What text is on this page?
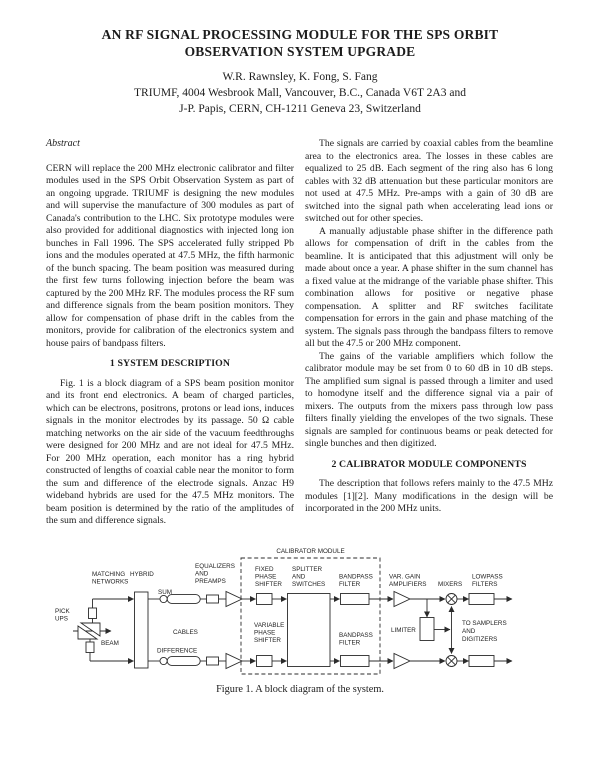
AN RF SIGNAL PROCESSING MODULE FOR THE SPS ORBIT
OBSERVATION SYSTEM UPGRADE
W.R. Rawnsley, K. Fong, S. Fang
TRIUMF, 4004 Wesbrook Mall, Vancouver, B.C., Canada V6T 2A3 and
J-P. Papis, CERN, CH-1211 Geneva 23, Switzerland
Abstract

CERN will replace the 200 MHz electronic calibrator and filter modules used in the SPS Orbit Observation System as part of an ongoing upgrade. TRIUMF is designing the new modules and will supervise the manufacture of 300 modules as part of Canada's contribution to the LHC. Six prototype modules were also provided for additional diagnostics with injected long ion bunches in Fall 1996. The SPS accelerated fully stripped Pb ions and the modules operated at 47.5 MHz, the fifth harmonic of the bunch spacing. The beam position was measured during the first few turns following injection before the beam was captured by the 200 MHz RF. The modules process the RF sum and difference signals from the beam position monitors. They allow for compensation of phase drift in the cables from the monitors, provide for calibration of the electronics system and house pairs of bandpass filters.

1 SYSTEM DESCRIPTION

Fig. 1 is a block diagram of a SPS beam position monitor and its front end electronics. A beam of charged particles, which can be electrons, positrons, protons or lead ions, induces signals in the monitor electrodes by its passage. 50 Ω cable matching networks on the air side of the vacuum feedthroughs were designed for 200 MHz and are not ideal for 47.5 MHz. For 200 MHz operation, each monitor has a ring hybrid constructed of lengths of coaxial cable near the monitor to form the sum and difference of the electrode signals. Anzac H9 wideband hybrids are used for the 47.5 MHz monitors. The beam position is determined by the ratio of the amplitudes of the sum and difference signals.

The signals are carried by coaxial cables from the beamline area to the electronics area. The losses in these cables are equalized to 25 dB. Each segment of the ring also has 6 long cables with 32 dB attenuation but these particular monitors are not used at 47.5 MHz. Pre-amps with a gain of 30 dB are switched into the signal path when accelerating lead ions or switched out for other species.

A manually adjustable phase shifter in the difference path allows for compensation of drift in the cables from the beamline. It is anticipated that this adjustment will only be made about once a year. A phase shifter in the sum channel has a fixed value at the midrange of the variable phase shifter. This combination allows for positive or negative phase compensation. A splitter and RF switches facilitate compensation for errors in the gain and phase matching of the system. The signals pass through the bandpass filters to remove all but the 47.5 or 200 MHz component.

The gains of the variable amplifiers which follow the calibrator module may be set from 0 to 60 dB in 10 dB steps. The amplified sum signal is passed through a limiter and used to homodyne itself and the difference signal via a pair of mixers. The outputs from the mixers pass through low pass filters finally yielding the envelopes of the two signals. These signals are sampled for continuous beams or peak detected for single bunches and then digitized.

2 CALIBRATOR MODULE COMPONENTS

The description that follows refers mainly to the 47.5 MHz modules [1][2]. Many modifications in the design will be incorporated in the 200 MHz units.

MATCHING
NETWORKS
HYBRID
PICK
UPS
BEAM
SUM
CABLES
DIFFERENCE
EQUALIZERS
AND
PREAMPS
CALIBRATOR MODULE
FIXED
PHASE
SHIFTER
SPLITTER
AND
SWITCHES
BANDPASS
FILTER
VAR. GAIN
AMPLIFIERS MIXERS
LOWPASS
FILTERS
VARIABLE
PHASE
SHIFTER
BANDPASS
FILTER
LIMITER
TO SAMPLERS
AND
DIGITIZERS
Figure 1. A block diagram of the system.
